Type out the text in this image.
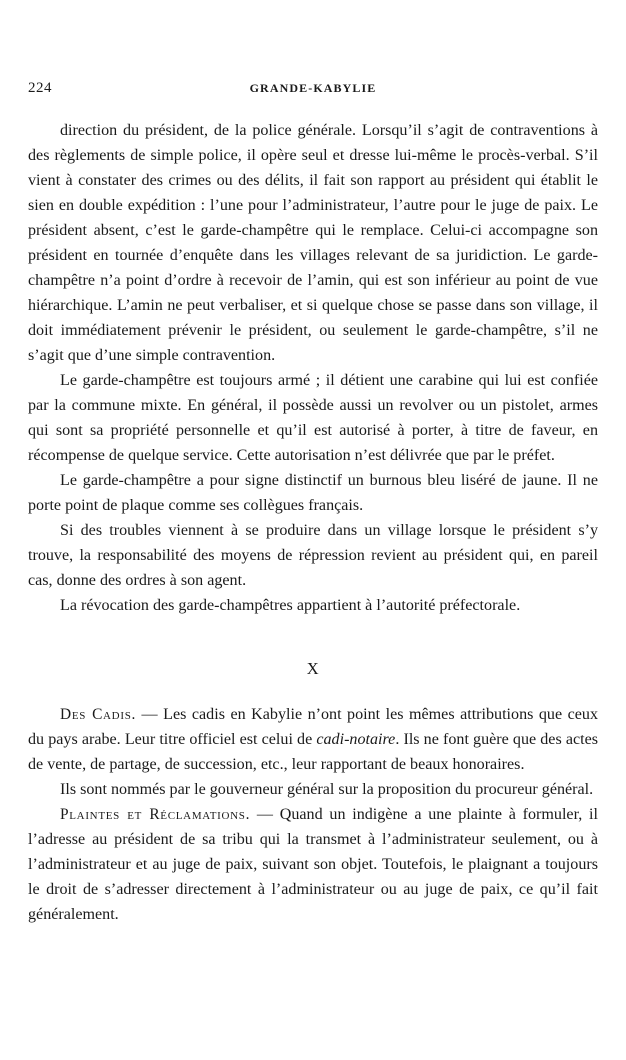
224	GRANDE-KABYLIE

direction du président, de la police générale. Lorsqu’il s’agit de contraventions à des règlements de simple police, il opère seul et dresse lui-même le procès-verbal. S’il vient à constater des crimes ou des délits, il fait son rapport au président qui établit le sien en double expédition : l’une pour l’administrateur, l’autre pour le juge de paix. Le président absent, c’est le garde-champêtre qui le remplace. Celui-ci accompagne son président en tournée d’enquête dans les villages relevant de sa juridiction. Le garde-champêtre n’a point d’ordre à recevoir de l’amin, qui est son inférieur au point de vue hiérarchique. L’amin ne peut verbaliser, et si quelque chose se passe dans son village, il doit immédiatement prévenir le président, ou seulement le garde-champêtre, s’il ne s’agit que d’une simple contravention.

Le garde-champêtre est toujours armé ; il détient une carabine qui lui est confiée par la commune mixte. En général, il possède aussi un revolver ou un pistolet, armes qui sont sa propriété personnelle et qu’il est autorisé à porter, à titre de faveur, en récompense de quelque service. Cette autorisation n’est délivrée que par le préfet.

Le garde-champêtre a pour signe distinctif un burnous bleu liséré de jaune. Il ne porte point de plaque comme ses collègues français.

Si des troubles viennent à se produire dans un village lorsque le président s’y trouve, la responsabilité des moyens de répression revient au président qui, en pareil cas, donne des ordres à son agent.

La révocation des garde-champêtres appartient à l’autorité préfectorale.

X

Des Cadis. — Les cadis en Kabylie n’ont point les mêmes attributions que ceux du pays arabe. Leur titre officiel est celui de cadi-notaire. Ils ne font guère que des actes de vente, de partage, de succession, etc., leur rapportant de beaux honoraires.

Ils sont nommés par le gouverneur général sur la proposition du procureur général.

Plaintes et Réclamations. — Quand un indigène a une plainte à formuler, il l’adresse au président de sa tribu qui la transmet à l’administrateur seulement, ou à l’administrateur et au juge de paix, suivant son objet. Toutefois, le plaignant a toujours le droit de s’adresser directement à l’administrateur ou au juge de paix, ce qu’il fait généralement.
